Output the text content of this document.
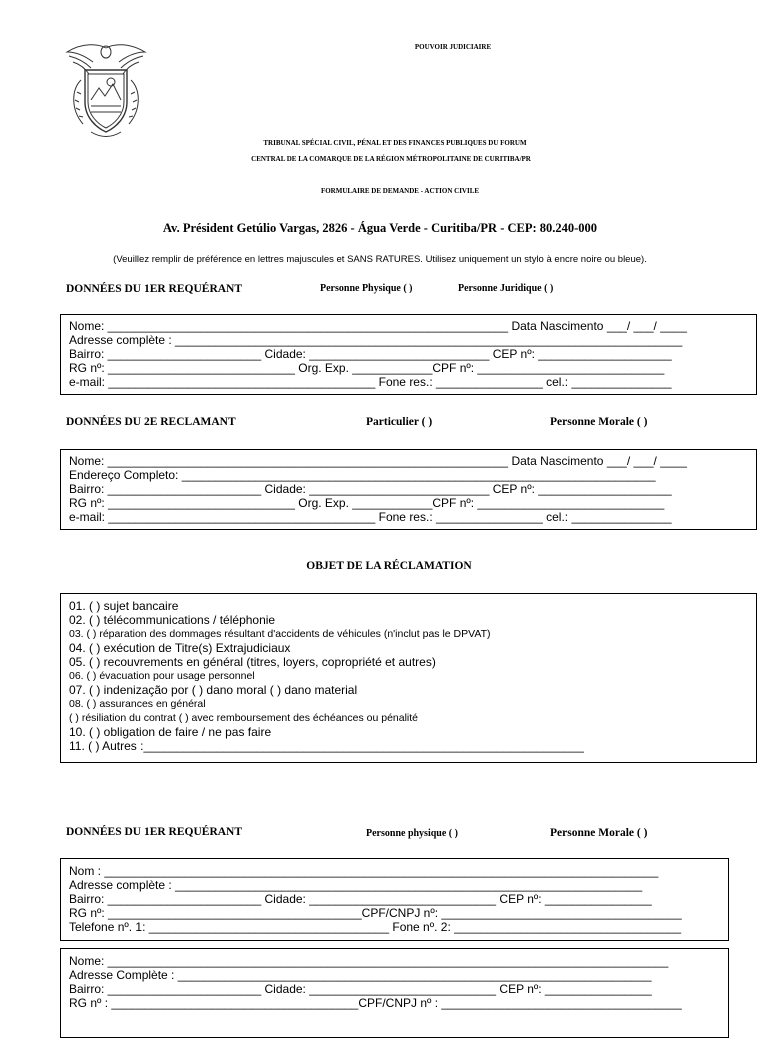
POUVOIR JUDICIAIRE
TRIBUNAL SPÉCIAL CIVIL, PÉNAL ET DES FINANCES PUBLIQUES DU FORUM
CENTRAL DE LA COMARQUE DE LA RÉGION MÉTROPOLITAINE DE CURITIBA/PR
FORMULAIRE DE DEMANDE - ACTION CIVILE
Av. Président Getúlio Vargas, 2826 - Água Verde - Curitiba/PR - CEP: 80.240-000
(Veuillez remplir de préférence en lettres majuscules et SANS RATURES. Utilisez uniquement un stylo à encre noire ou bleue).
DONNÉES DU 1ER REQUÉRANT	Personne Physique ( )	Personne Juridique ( )
Nome: ____________________________________________________________ Data Nascimento ___/ ___/ ____
Adresse complète : ____________________________________________________________________________
Bairro: _______________________ Cidade: ___________________________ CEP nº: ____________________
RG nº: ____________________________ Org. Exp. ____________CPF nº: ____________________________
e-mail: ________________________________________ Fone res.: ________________ cel.: _______________
DONNÉES DU 2E RECLAMANT	Particulier ( )	Personne Morale ( )
Nome: ____________________________________________________________ Data Nascimento ___/ ___/ ____
Endereço Completo: _______________________________________________________________________
Bairro: _______________________ Cidade: ___________________________ CEP nº: ____________________
RG nº: ____________________________ Org. Exp. ____________CPF nº: ____________________________
e-mail: ________________________________________ Fone res.: ________________ cel.: _______________
OBJET DE LA RÉCLAMATION
01. ( ) sujet bancaire
02. ( ) télécommunications / téléphonie
03. ( ) réparation des dommages résultant d'accidents de véhicules (n'inclut pas le DPVAT)
04. ( ) exécution de Titre(s) Extrajudiciaux
05. ( ) recouvrements en général (titres, loyers, copropriété et autres)
06. ( ) évacuation pour usage personnel
07. ( ) indenização por ( ) dano moral ( ) dano material
08. ( ) assurances en général
( ) résiliation du contrat ( ) avec remboursement des échéances ou pénalité
10. ( ) obligation de faire / ne pas faire
11. ( ) Autres :__________________________________________________________________
DONNÉES DU 1ER REQUÉRANT	Personne physique ( )	Personne Morale ( )
Nom : ___________________________________________________________________________________
Adresse complète : ______________________________________________________________________
Bairro: _______________________ Cidade: ____________________________ CEP nº: ________________
RG nº: ______________________________________CPF/CNPJ nº: ____________________________________
Telefone nº. 1: ____________________________________ Fone nº. 2: __________________________________
Nome: ____________________________________________________________________________________
Adresse Complète : _______________________________________________________________________
Bairro: _______________________ Cidade: ____________________________ CEP nº: ________________
RG nº : _____________________________________CPF/CNPJ nº : ____________________________________
